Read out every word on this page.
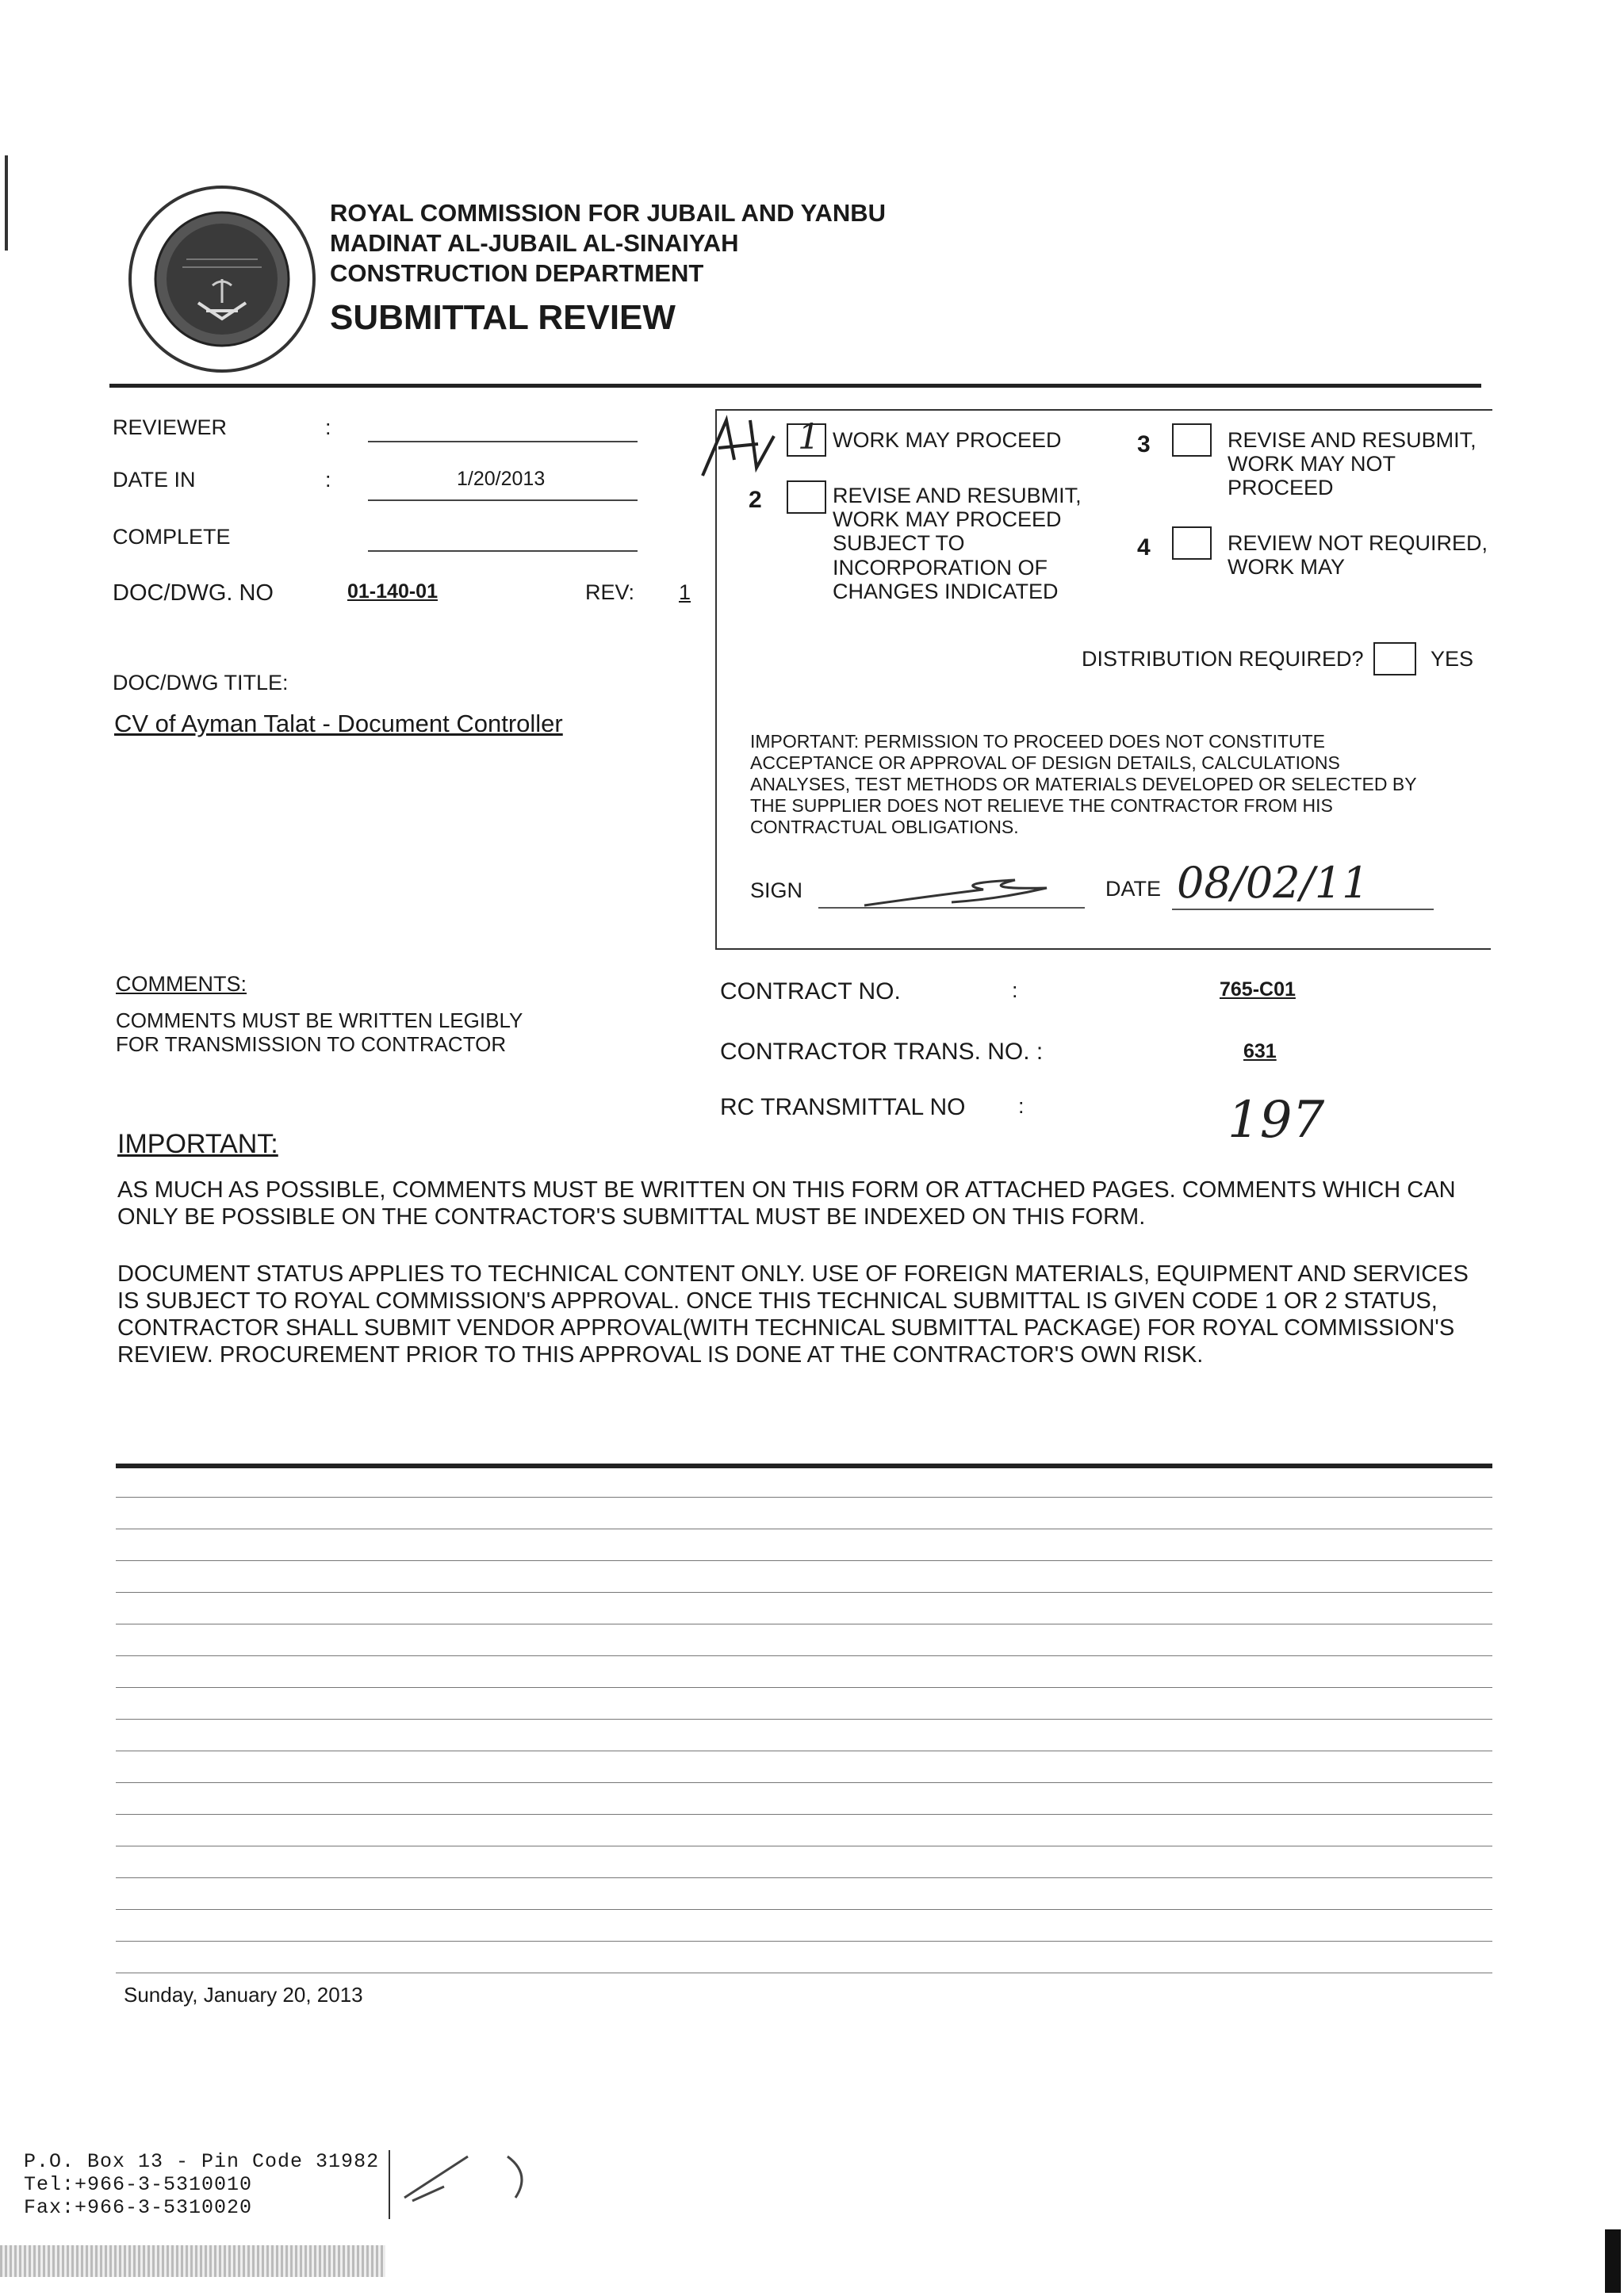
ROYAL COMMISSION FOR JUBAIL AND YANBU
MADINAT AL-JUBAIL AL-SINAIYAH
CONSTRUCTION DEPARTMENT
SUBMITTAL REVIEW
REVIEWER	:
DATE IN	:	1/20/2013
COMPLETE
DOC/DWG. NO	01-140-01	REV: 1
DOC/DWG TITLE:
CV of Ayman Talat - Document Controller
1 WORK MAY PROCEED
2	REVISE AND RESUBMIT, WORK MAY PROCEED SUBJECT TO INCORPORATION OF CHANGES INDICATED
3	REVISE AND RESUBMIT, WORK MAY NOT PROCEED
4	REVIEW NOT REQUIRED, WORK MAY
DISTRIBUTION REQUIRED?	YES
IMPORTANT: PERMISSION TO PROCEED DOES NOT CONSTITUTE ACCEPTANCE OR APPROVAL OF DESIGN DETAILS, CALCULATIONS ANALYSES, TEST METHODS OR MATERIALS DEVELOPED OR SELECTED BY THE SUPPLIER DOES NOT RELIEVE THE CONTRACTOR FROM HIS CONTRACTUAL OBLIGATIONS.
SIGN	DATE 08/02/11
COMMENTS:
COMMENTS MUST BE WRITTEN LEGIBLY FOR TRANSMISSION TO CONTRACTOR
CONTRACT NO.	:	765-C01
CONTRACTOR TRANS. NO. :	631
RC TRANSMITTAL NO :	197
IMPORTANT:
AS MUCH AS POSSIBLE, COMMENTS MUST BE WRITTEN ON THIS FORM OR ATTACHED PAGES. COMMENTS WHICH CAN ONLY BE POSSIBLE ON THE CONTRACTOR'S SUBMITTAL MUST BE INDEXED ON THIS FORM.
DOCUMENT STATUS APPLIES TO TECHNICAL CONTENT ONLY. USE OF FOREIGN MATERIALS, EQUIPMENT AND SERVICES IS SUBJECT TO ROYAL COMMISSION'S APPROVAL. ONCE THIS TECHNICAL SUBMITTAL IS GIVEN CODE 1 OR 2 STATUS, CONTRACTOR SHALL SUBMIT VENDOR APPROVAL(WITH TECHNICAL SUBMITTAL PACKAGE) FOR ROYAL COMMISSION'S REVIEW. PROCUREMENT PRIOR TO THIS APPROVAL IS DONE AT THE CONTRACTOR'S OWN RISK.
Sunday, January 20, 2013
P.O. Box 13 - Pin Code 31982
Tel:+966-3-5310010
Fax:+966-3-5310020
